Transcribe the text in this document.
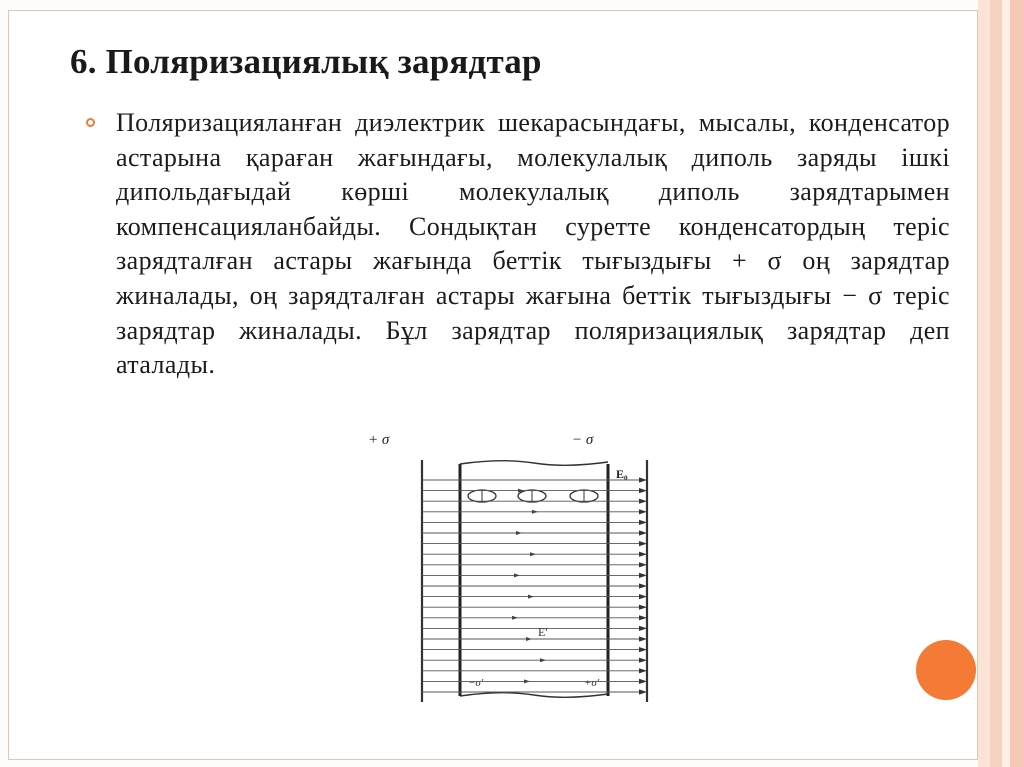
6. Поляризациялық зарядтар

Поляризацияланған диэлектрик шекарасындағы, мысалы, конденсатор астарына қараған жағындағы, молекулалық диполь заряды ішкі дипольдағыдай көрші молекулалық диполь зарядтарымен компенсацияланбайды. Сондықтан суретте конденсатордың теріс зарядталған астары жағында беттік тығыздығы + σ оң зарядтар жиналады, оң зарядталған астары жағына беттік тығыздығы − σ теріс зарядтар жиналады. Бұл зарядтар поляризациялық зарядтар деп аталады.

+ σ	− σ
E₀
E'
−σ'	+σ'
